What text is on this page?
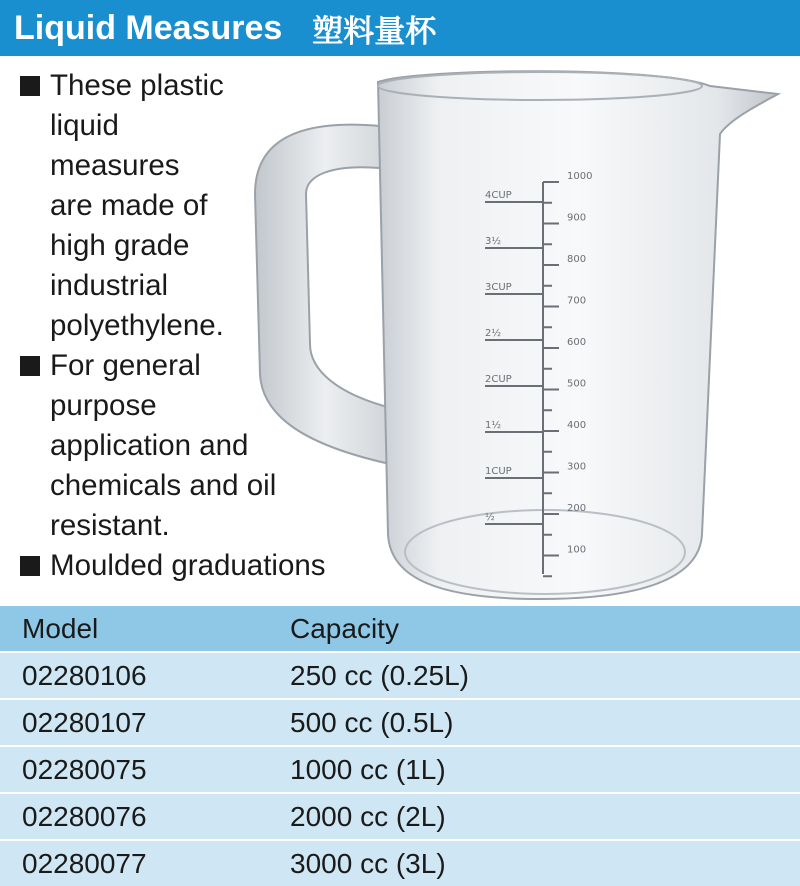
Liquid Measures 塑料量杯
These plastic
liquid
measures
are made of
high grade
industrial
polyethylene.
For general
purpose
application and
chemicals and oil
resistant.
Moulded graduations
1000
900
800
700
600
500
400
300
200
100
4CUP
3½
3CUP
2½
2CUP
1½
1CUP
½
Model	Capacity
02280106	250 cc (0.25L)
02280107	500 cc (0.5L)
02280075	1000 cc (1L)
02280076	2000 cc (2L)
02280077	3000 cc (3L)
